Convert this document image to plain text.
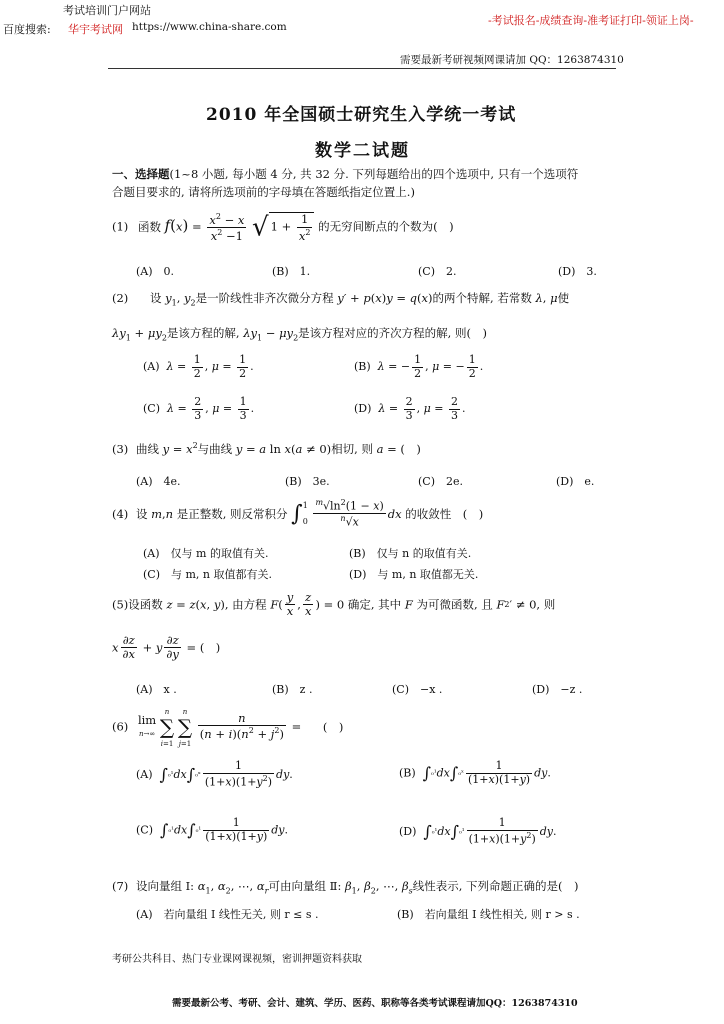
考试培训门户网站
百度搜索: 华宇考试网 https://www.china-share.com	-考试报名-成绩查询-准考证打印-领证上岗-
需要最新考研视频网课请加 QQ：1263874310
2010 年全国硕士研究生入学统一考试
数学二试题
一、选择题(1~8 小题, 每小题 4 分, 共 32 分. 下列每题给出的四个选项中, 只有一个选项符
合题目要求的, 请将所选项前的字母填在答题纸指定位置上.)
(1) 函数 $f(x) = \frac{x^2 - x}{x^2 -1}$ √ $1 + \frac{1}{x^2}$ 的无穷间断点的个数为(　)
(A)　0.	(B)　1.	(C)　2.	(D)　3.
(2) 设 $y_1$, $y_2$是一阶线性非齐次微分方程 y′ + p(x)y = q(x)的两个特解, 若常数 λ, μ使
$\lambda y_1 + \mu y_2$是该方程的解, $\lambda y_1 - \mu y_2$是该方程对应的齐次方程的解, 则(　)
(A) $\lambda = \frac{1}{2}$ , $\mu = \frac{1}{2}$ .	(B) λ = − $\frac{1}{2}$ , μ = − $\frac{1}{2}$ .
(C) $\lambda = \frac{2}{3}$ , $\mu = \frac{1}{3}$ .	(D) $\lambda = \frac{2}{3}$ , $\mu = \frac{2}{3}$ .
(3) 曲线 $y = x^2$与曲线 y = a ln x(a ≠ 0)相切, 则 a = (　)
(A)　4e.	(B)　3e.	(C)　2e.	(D)　e.
(4) 设 m,n 是正整数, 则反常积分 ∫ 1
0
$\frac{^m√\ln^2(1 - x)}{^n√x}$ dx 的收敛性　(　)
(A)　仅与 m 的取值有关.	(B)　仅与 n 的取值有关.
(C)　与 m, n 取值都有关.	(D)　与 m, n 取值都无关.
(5)设函数 z = z(x, y), 由方程 $F( \frac{y}{x}$ , $\frac{z}{x}$ ) = 0 确定, 其中 F 为可微函数, 且 F2′ ≠ 0, 则
x $\frac{\partial z}{\partial x} + y \frac{\partial z}{\partial y}$ = (　)
(A)　x .	(B)　z .	(C)　−x .	(D)　−z .
(6) lim
n→∞ n
∑
i=1 n
∑
j=1
$\frac{n}{(n + i)(n^2 + j^2)}$ = (　)
(A) ∫₀¹dx∫₀ˣ $\frac{1}{(1+x)(1+y^2)}$ dy.	(B) ∫₀¹dx∫₀ˣ $\frac{1}{(1+x)(1+y)}$ dy.
(C) $\int_0^1dx\int_0^1 \frac{1}{(1+x)(1+y)}$ dy.	(D) $\int_0^1dx\int_0^1 \frac{1}{(1+x)(1+y^2)}$ dy.
(7) 设向量组 Ⅰ: $\alpha_1$, $\alpha_2$, ⋯, $\alpha_r$可由向量组 Ⅱ: $\beta_1$, $\beta_2$, ⋯, $\beta_s$线性表示, 下列命题正确的是(　)
(A)　若向量组 I 线性无关, 则 r ≤ s .	(B)　若向量组 I 线性相关, 则 r > s .
考研公共科目、热门专业课网课视频，密训押题资料获取
需要最新公考、考研、会计、建筑、学历、医药、职称等各类考试课程请加QQ：1263874310
